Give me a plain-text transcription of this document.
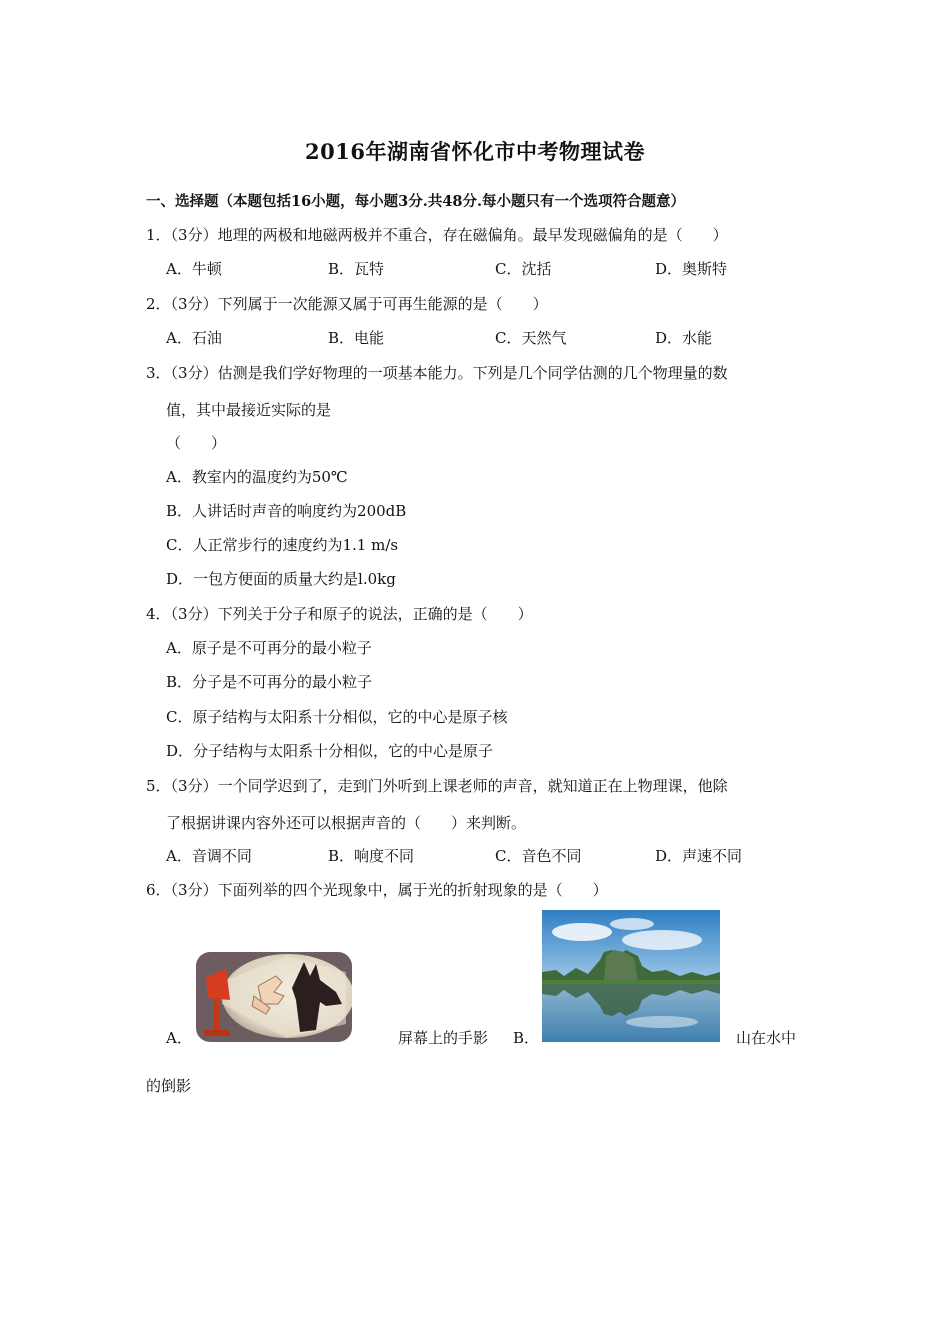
2016年湖南省怀化市中考物理试卷
一、选择题（本题包括16小题，每小题3分.共48分.每小题只有一个选项符合题意）
1．（3分）地理的两极和地磁两极并不重合，存在磁偏角。最早发现磁偏角的是（　　）
A．牛顿	B．瓦特	C．沈括	D．奥斯特
2．（3分）下列属于一次能源又属于可再生能源的是（　　）
A．石油	B．电能	C．天然气	D．水能
3．（3分）估测是我们学好物理的一项基本能力。下列是几个同学估测的几个物理量的数
值，其中最接近实际的是
（　　）
A．教室内的温度约为50℃
B．人讲话时声音的响度约为200dB
C．人正常步行的速度约为1.1 m/s
D．一包方便面的质量大约是l.0kg
4．（3分）下列关于分子和原子的说法，正确的是（　　）
A．原子是不可再分的最小粒子
B．分子是不可再分的最小粒子
C．原子结构与太阳系十分相似，它的中心是原子核
D．分子结构与太阳系十分相似，它的中心是原子
5．（3分）一个同学迟到了，走到门外听到上课老师的声音，就知道正在上物理课，他除
了根据讲课内容外还可以根据声音的（　　）来判断。
A．音调不同	B．响度不同	C．音色不同	D．声速不同
6．（3分）下面列举的四个光现象中，属于光的折射现象的是（　　）
A．	屏幕上的手影 B．	山在水中
的倒影
